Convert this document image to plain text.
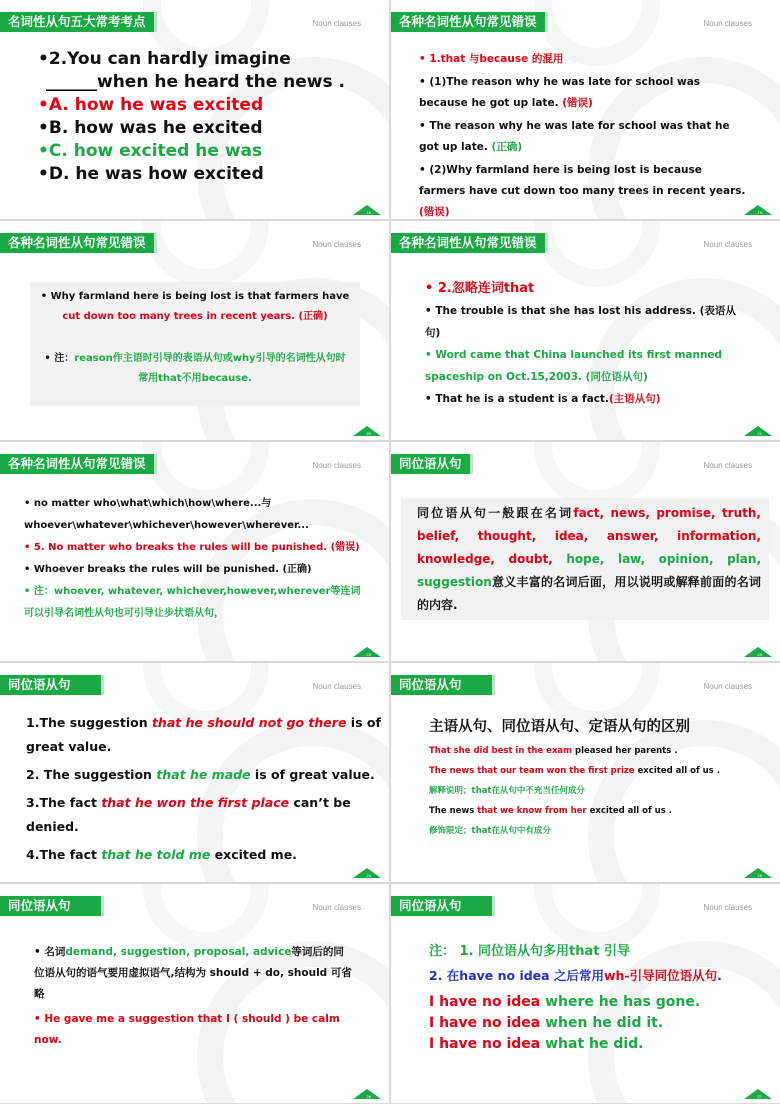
名词性从句五大常考考点	Noun clauses

•2.You can hardly imagine

______when he heard the news .

•A. how he was excited

•B. how was he excited

•C. how excited he was

•D. he was how excited

18
各种名词性从句常见错误	Noun clauses

• 1.that 与because 的混用

• (1)The reason why he was late for school was because he got up late. (错误)

• The reason why he was late for school was that he got up late. (正确)

• (2)Why farmland here is being lost is because farmers have cut down too many trees in recent years.(错误)	19
各种名词性从句常见错误	Noun clauses

• Why farmland here is being lost is that farmers have

cut down too many trees in recent years. (正确)

• 注：reason作主语时引导的表语从句或why引导的名词性从句时常用that不用because.

20
各种名词性从句常见错误	Noun clauses

• 2.忽略连词that

• The trouble is that she has lost his address. (表语从句)

• Word came that China launched its first manned spaceship on Oct.15,2003. (同位语从句)

• That he is a student is a fact.(主语从句)

21
各种名词性从句常见错误	Noun clauses

• no matter who\what\which\how\where...与 whoever\whatever\whichever\however\wherever...

• 5. No matter who breaks the rules will be punished. (错误)

• Whoever breaks the rules will be punished. (正确)

• 注：whoever, whatever, whichever,however,wherever等连词可以引导名词性从句也可引导让步状语从句，

22
同位语从句	Noun clauses

同位语从句一般跟在名词fact, news, promise, truth, belief, thought, idea, answer, information, knowledge, doubt, hope, law, opinion, plan, suggestion意义丰富的名词后面，用以说明或解释前面的名词的内容.

23
同位语从句	Noun clauses

1.The suggestion that he should not go there is of great value.

2. The suggestion that he made is of great value.

3.The fact that he won the first place can’t be denied.

4.The fact that he told me excited me.

24
同位语从句	Noun clauses

主语从句、同位语从句、定语从句的区别

That she did best in the exam pleased her parents .

The news that our team won the first prize excited all of us .

解释说明；that在从句中不充当任何成分

The news that we know from her excited all of us .

修饰限定；that在从句中有成分

25
同位语从句	Noun clauses

• 名词demand, suggestion, proposal, advice等词后的同位语从句的语气要用虚拟语气,结构为 should + do, should 可省略

• He gave me a suggestion that I ( should ) be calm now.

26
同位语从句	Noun clauses

注： 1. 同位语从句多用that 引导

2. 在have no idea 之后常用wh-引导同位语从句.

I have no idea where he has gone.

I have no idea when he did it.

I have no idea what he did.

27
